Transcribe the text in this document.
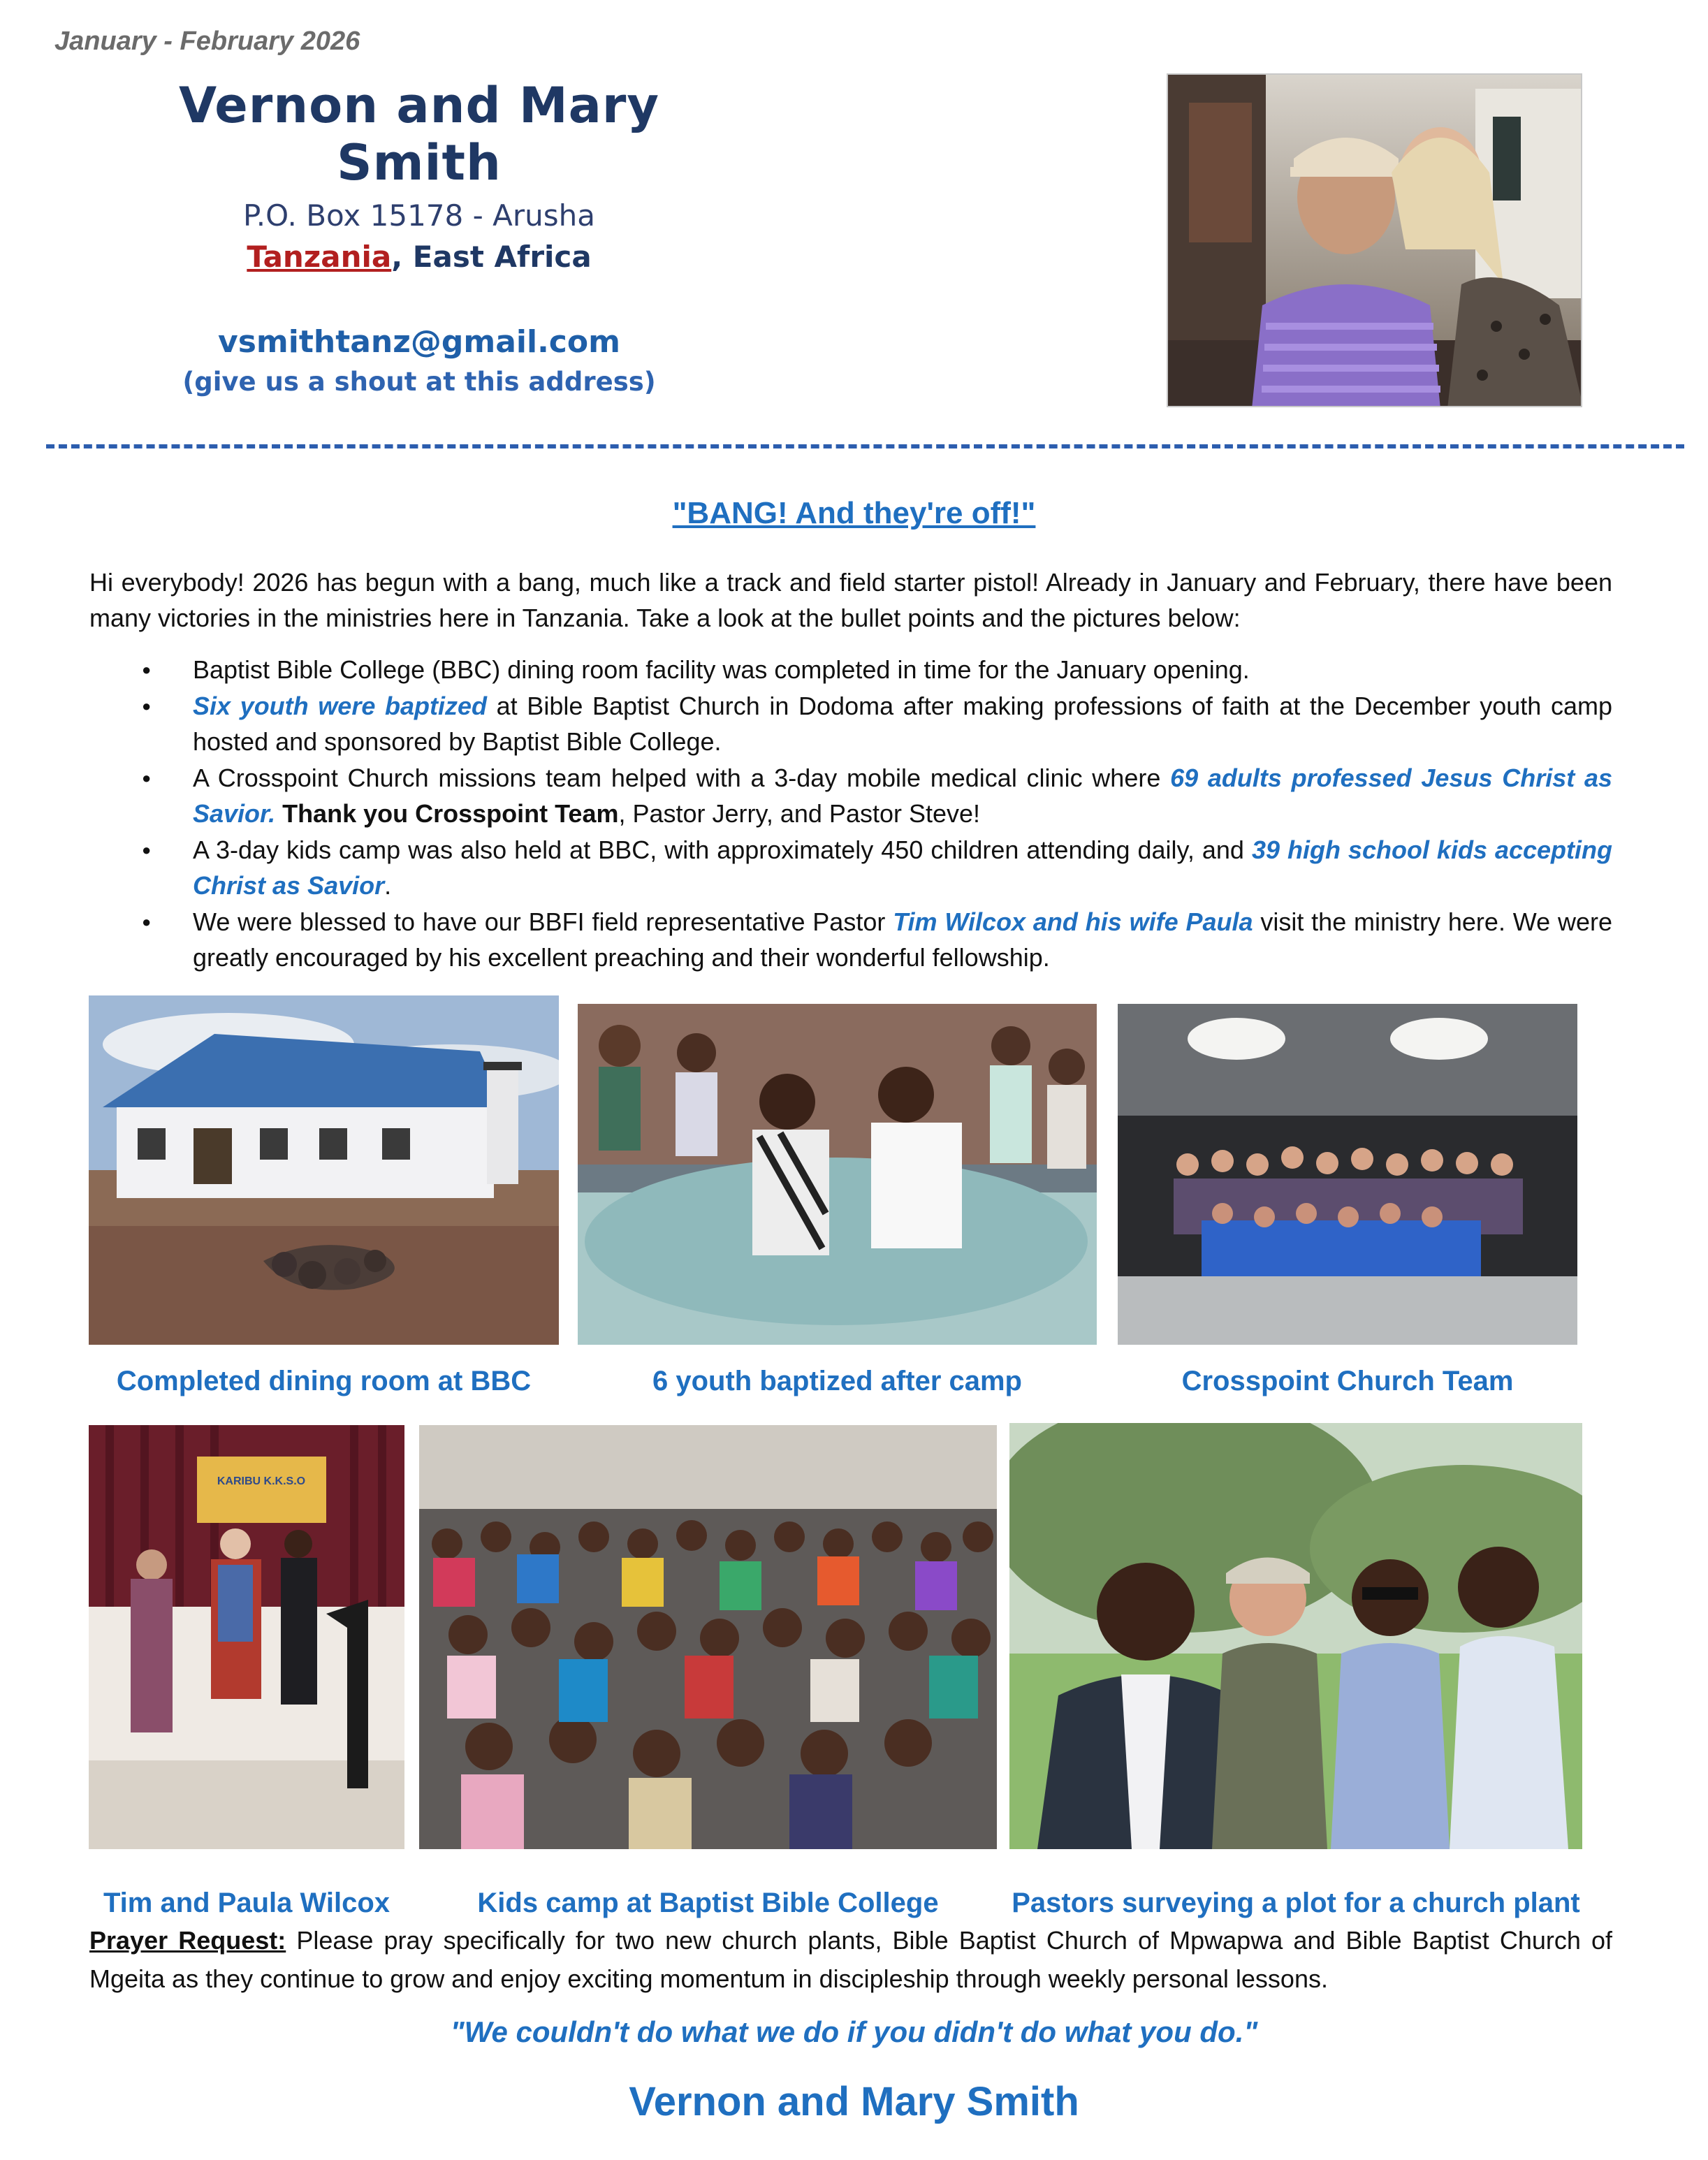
January - February 2026
Vernon and Mary Smith
P.O. Box 15178 - Arusha
Tanzania, East Africa
vsmithtanz@gmail.com
(give us a shout at this address)
"BANG! And they're off!"
Hi everybody! 2026 has begun with a bang, much like a track and field starter pistol! Already in January and February, there have been many victories in the ministries here in Tanzania. Take a look at the bullet points and the pictures below:
● Baptist Bible College (BBC) dining room facility was completed in time for the January opening.
● Six youth were baptized at Bible Baptist Church in Dodoma after making professions of faith at the December youth camp hosted and sponsored by Baptist Bible College.
● A Crosspoint Church missions team helped with a 3-day mobile medical clinic where 69 adults professed Jesus Christ as Savior. Thank you Crosspoint Team, Pastor Jerry, and Pastor Steve!
● A 3-day kids camp was also held at BBC, with approximately 450 children attending daily, and 39 high school kids accepting Christ as Savior.
● We were blessed to have our BBFI field representative Pastor Tim Wilcox and his wife Paula visit the ministry here. We were greatly encouraged by his excellent preaching and their wonderful fellowship.
Completed dining room at BBC	6 youth baptized after camp	Crosspoint Church Team
KARIBU K.K.S.O
Tim and Paula Wilcox	Kids camp at Baptist Bible College	Pastors surveying a plot for a church plant
Prayer Request: Please pray specifically for two new church plants, Bible Baptist Church of Mpwapwa and Bible Baptist Church of Mgeita as they continue to grow and enjoy exciting momentum in discipleship through weekly personal lessons.
"We couldn't do what we do if you didn't do what you do."
Vernon and Mary Smith
